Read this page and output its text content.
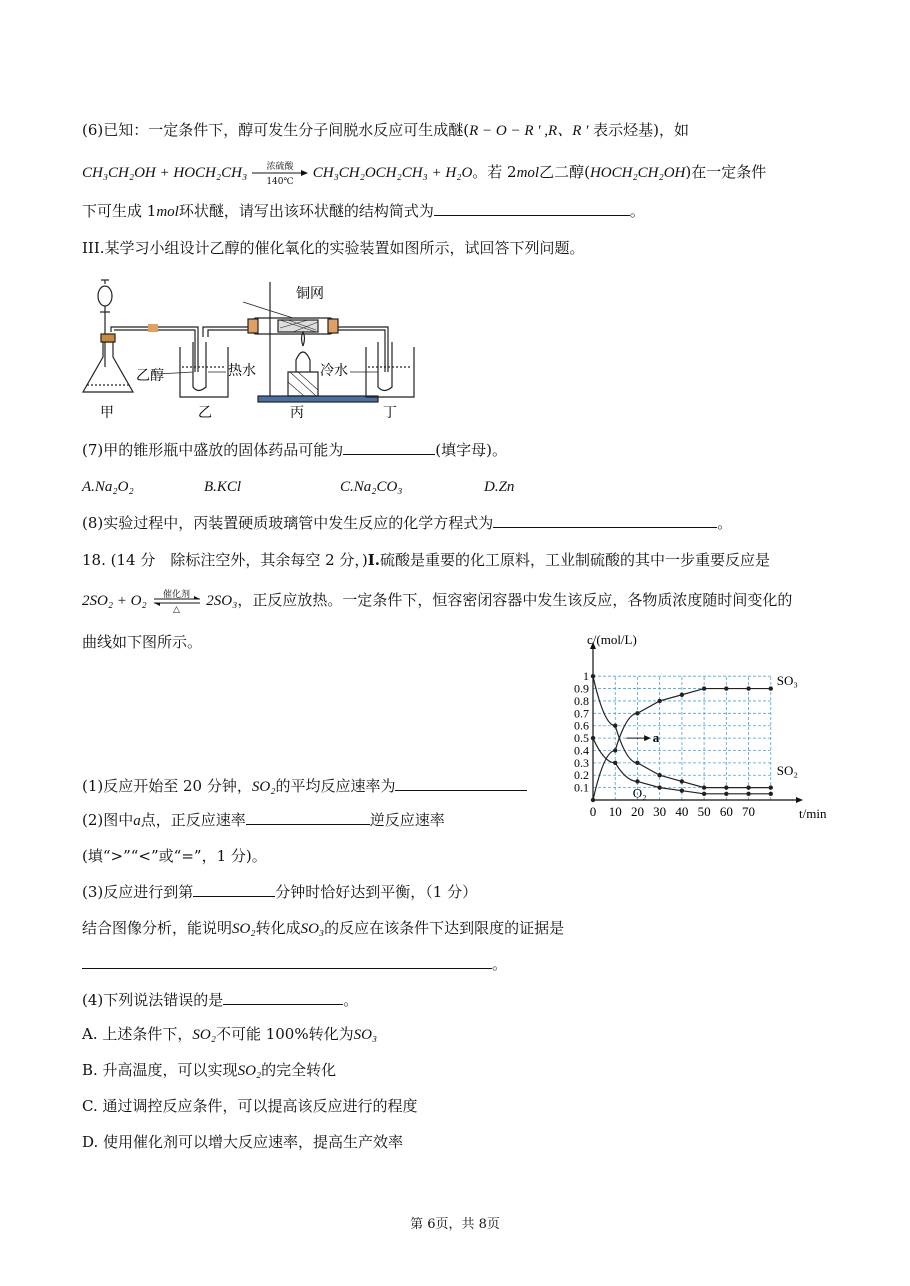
(6)已知：一定条件下，醇可发生分子间脱水反应可生成醚(R − O − R ′ ,R、R ′ 表示烃基)，如
CH₃CH₂OH + HOCH₂CH₃	浓硫酸
140℃
CH₃CH₂OCH₂CH₃ + H₂O。若 2mol乙二醇(HOCH₂CH₂OH)在一定条件
下可生成 1mol环状醚，请写出该环状醚的结构简式为	。
III.某学习小组设计乙醇的催化氧化的实验装置如图所示，试回答下列问题。
铜网
乙醇	热水	冷水
甲	乙	丙	丁
(7)甲的锥形瓶中盛放的固体药品可能为	(填字母)。
A.Na₂O₂	B.KCl	C.Na₂CO₃	D.Zn
(8)实验过程中，丙装置硬质玻璃管中发生反应的化学方程式为	。
18. (14 分　除标注空外，其余每空 2 分，)I.硫酸是重要的化工原料，工业制硫酸的其中一步重要反应是
2SO₂ + O₂	催化剂
△
2SO₃，正反应放热。一定条件下，恒容密闭容器中发生该反应，各物质浓度随时间变化的
曲线如下图所示。
0.1
0.2
0.3
0.4
0.5
0.6
0.7
0.8
0.9
1
0 10 20 30 40 50 60 70
c/(mol/L)
t/min
SO₃
SO₂
O₂
a
(1)反应开始至 20 分钟，SO₂的平均反应速率为
(2)图中a点，正反应速率	逆反应速率
(填“>”“<”或“=”，1 分)。
(3)反应进行到第	分钟时恰好达到平衡，（1 分）
结合图像分析，能说明SO₂转化成SO₃的反应在该条件下达到限度的证据是
。
(4)下列说法错误的是	。
A. 上述条件下，SO₂不可能 100%转化为SO₃
B. 升高温度，可以实现SO₂的完全转化
C. 通过调控反应条件，可以提高该反应进行的程度
D. 使用催化剂可以增大反应速率，提高生产效率
第 6页，共 8页
